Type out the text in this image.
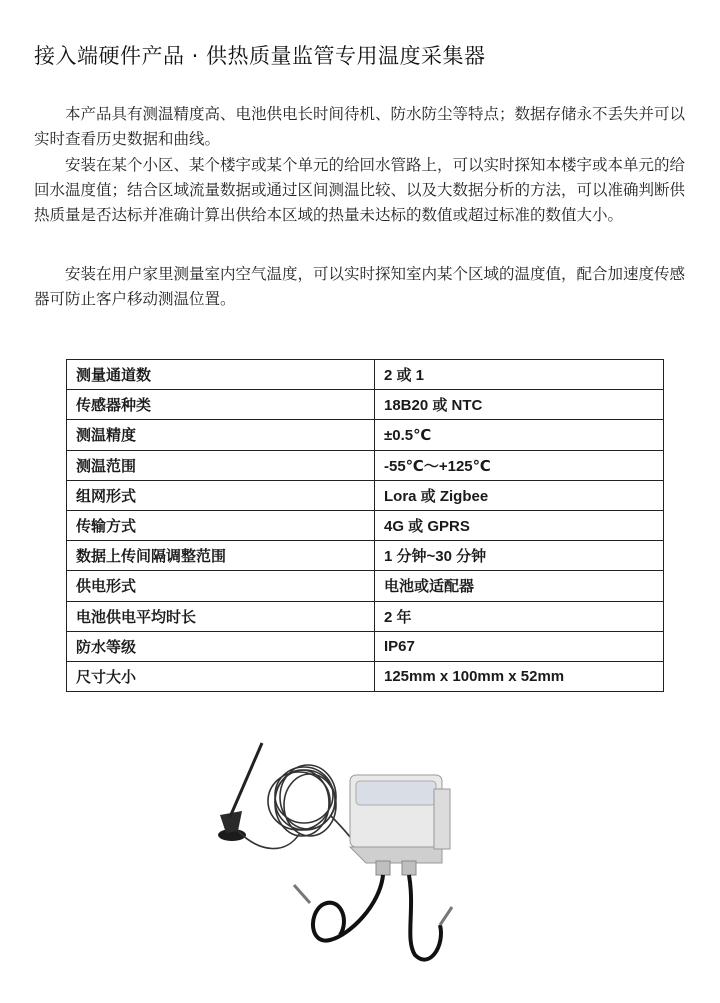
接入端硬件产品 · 供热质量监管专用温度采集器

本产品具有测温精度高、电池供电长时间待机、防水防尘等特点；数据存储永不丢失并可以实时查看历史数据和曲线。

安装在某个小区、某个楼宇或某个单元的给回水管路上，可以实时探知本楼宇或本单元的给回水温度值；结合区域流量数据或通过区间测温比较、以及大数据分析的方法，可以准确判断供热质量是否达标并准确计算出供给本区域的热量未达标的数值或超过标准的数值大小。

安装在用户家里测量室内空气温度，可以实时探知室内某个区域的温度值，配合加速度传感器可防止客户移动测温位置。

测量通道数	2 或 1
传感器种类	18B20 或 NTC
测温精度	±0.5℃
测温范围	-55℃～+125℃
组网形式	Lora 或 Zigbee
传输方式	4G 或 GPRS
数据上传间隔调整范围	1 分钟~30 分钟
供电形式	电池或适配器
电池供电平均时长	2 年
防水等级	IP67
尺寸大小	125mm x 100mm x 52mm
